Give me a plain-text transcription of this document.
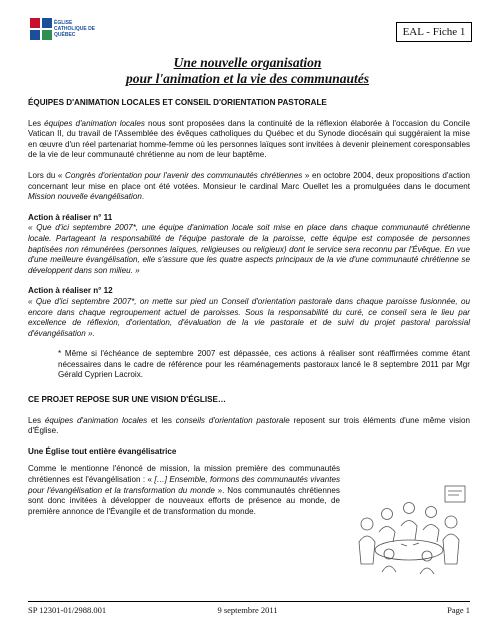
ÉGLISE CATHOLIQUE DE QUÉBEC	EAL - Fiche 1
Une nouvelle organisation
pour l'animation et la vie des communautés

ÉQUIPES D'ANIMATION LOCALES ET CONSEIL D'ORIENTATION PASTORALE

Les équipes d'animation locales nous sont proposées dans la continuité de la réflexion élaborée à l'occasion du Concile Vatican II, du travail de l'Assemblée des évêques catholiques du Québec et du Synode diocésain qui suggéraient la mise en œuvre d'un réel partenariat homme-femme où les personnes laïques sont invitées à devenir pleinement coresponsables de la vie de leur communauté chrétienne au nom de leur baptême.

Lors du « Congrès d'orientation pour l'avenir des communautés chrétiennes » en octobre 2004, deux propositions d'action concernant leur mise en place ont été votées. Monsieur le cardinal Marc Ouellet les a promulguées dans le document Mission nouvelle évangélisation.

Action à réaliser n° 11

« Que d'ici septembre 2007*, une équipe d'animation locale soit mise en place dans chaque communauté chrétienne locale. Partageant la responsabilité de l'équipe pastorale de la paroisse, cette équipe est composée de personnes baptisées non rémunérées (personnes laïques, religieuses ou religieux) dont le service sera reconnu par l'Évêque. En vue d'une meilleure évangélisation, elle s'assure que les quatre aspects principaux de la vie d'une communauté chrétienne se développent dans son milieu. »

Action à réaliser n° 12

« Que d'ici septembre 2007*, on mette sur pied un Conseil d'orientation pastorale dans chaque paroisse fusionnée, ou encore dans chaque regroupement actuel de paroisses. Sous la responsabilité du curé, ce conseil sera le lieu par excellence de réflexion, d'orientation, d'évaluation de la vie pastorale et de suivi du projet pastoral paroissial d'évangélisation ».

* Même si l'échéance de septembre 2007 est dépassée, ces actions à réaliser sont réaffirmées comme étant nécessaires dans le cadre de référence pour les réaménagements pastoraux lancé le 8 septembre 2011 par Mgr Gérald Cyprien Lacroix.

CE PROJET REPOSE SUR UNE VISION D'ÉGLISE…

Les équipes d'animation locales et les conseils d'orientation pastorale reposent sur trois éléments d'une même vision d'Église.

Une Église tout entière évangélisatrice

Comme le mentionne l'énoncé de mission, la mission première des communautés chrétiennes est l'évangélisation : « […] Ensemble, formons des communautés vivantes pour l'évangélisation et la transformation du monde ». Nos communautés chrétiennes sont donc invitées à développer de nouveaux efforts de présence au monde, de première annonce de l'Évangile et de transformation du monde.

SP 12301-01/2988.001	9 septembre 2011	Page 1
